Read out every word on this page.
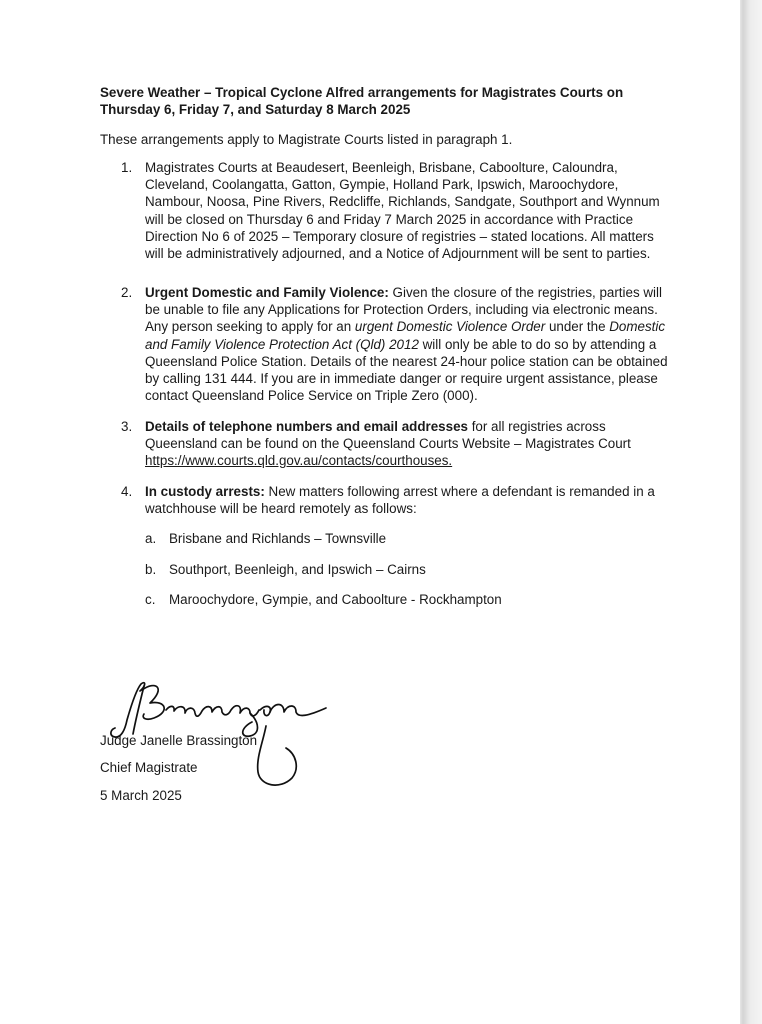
Severe Weather – Tropical Cyclone Alfred arrangements for Magistrates Courts on Thursday 6, Friday 7, and Saturday 8 March 2025

These arrangements apply to Magistrate Courts listed in paragraph 1.

1. Magistrates Courts at Beaudesert, Beenleigh, Brisbane, Caboolture, Caloundra, Cleveland, Coolangatta, Gatton, Gympie, Holland Park, Ipswich, Maroochydore, Nambour, Noosa, Pine Rivers, Redcliffe, Richlands, Sandgate, Southport and Wynnum will be closed on Thursday 6 and Friday 7 March 2025 in accordance with Practice Direction No 6 of 2025 – Temporary closure of registries – stated locations. All matters will be administratively adjourned, and a Notice of Adjournment will be sent to parties.
2. Urgent Domestic and Family Violence: Given the closure of the registries, parties will be unable to file any Applications for Protection Orders, including via electronic means. Any person seeking to apply for an urgent Domestic Violence Order under the Domestic and Family Violence Protection Act (Qld) 2012 will only be able to do so by attending a Queensland Police Station. Details of the nearest 24-hour police station can be obtained by calling 131 444. If you are in immediate danger or require urgent assistance, please contact Queensland Police Service on Triple Zero (000).
3. Details of telephone numbers and email addresses for all registries across Queensland can be found on the Queensland Courts Website – Magistrates Court https://www.courts.qld.gov.au/contacts/courthouses.
4. In custody arrests: New matters following arrest where a defendant is remanded in a watchhouse will be heard remotely as follows:
a. Brisbane and Richlands – Townsville
b. Southport, Beenleigh, and Ipswich – Cairns
c. Maroochydore, Gympie, and Caboolture - Rockhampton
Judge Janelle Brassington
Chief Magistrate
5 March 2025
